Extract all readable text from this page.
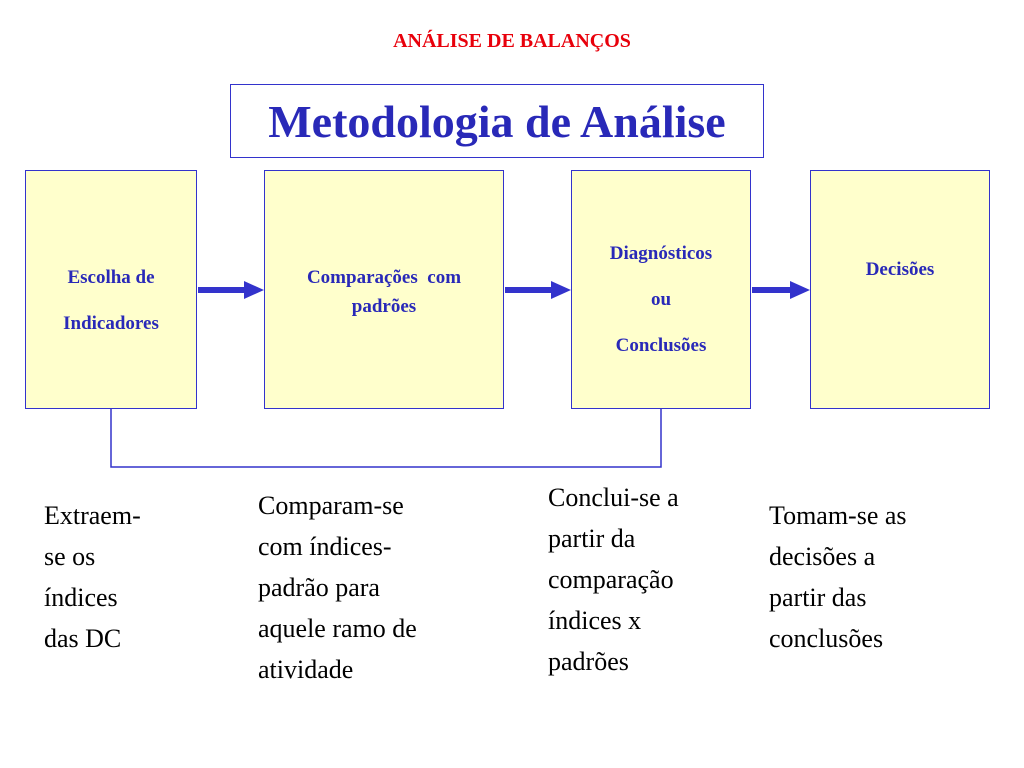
ANÁLISE DE BALANÇOS
Metodologia de Análise
Escolha de
Indicadores
Comparações  com
padrões
Diagnósticos
ou
Conclusões
Decisões
Extraem-
se os
índices
das DC
Comparam-se
com índices-
padrão para
aquele ramo de
atividade
Conclui-se a
partir da
comparação
índices x
padrões
Tomam-se as
decisões a
partir das
conclusões
